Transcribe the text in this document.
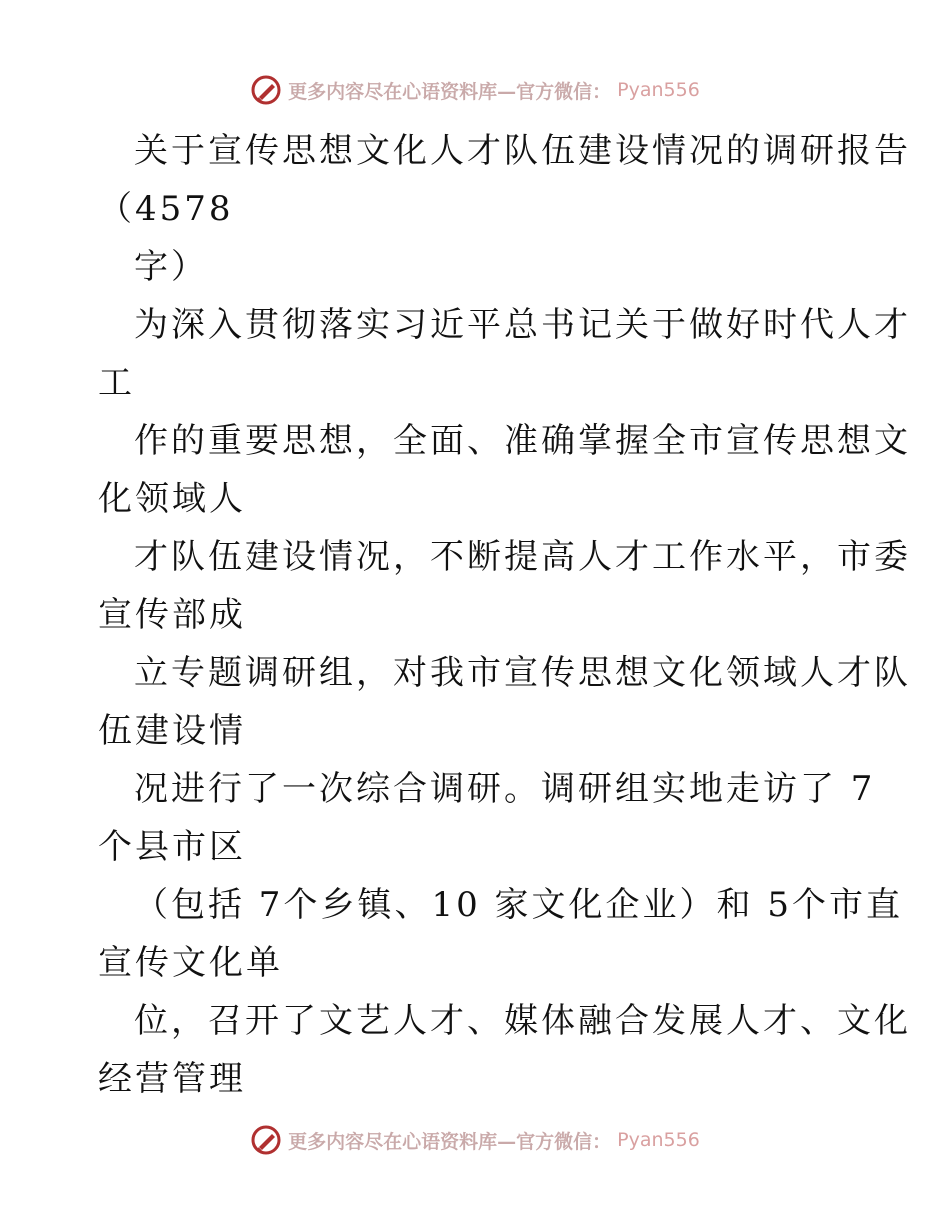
更多内容尽在心语资料库—官方微信： Pyan556
关于宣传思想文化人才队伍建设情况的调研报告
（4578
字）
为深入贯彻落实习近平总书记关于做好时代人才
工
作的重要思想，全面、准确掌握全市宣传思想文
化领域人
才队伍建设情况，不断提高人才工作水平，市委
宣传部成
立专题调研组，对我市宣传思想文化领域人才队
伍建设情
况进行了一次综合调研。调研组实地走访了 7
个县市区
（包括 7个乡镇、10 家文化企业）和 5个市直
宣传文化单
位，召开了文艺人才、媒体融合发展人才、文化
经营管理
更多内容尽在心语资料库—官方微信： Pyan556
